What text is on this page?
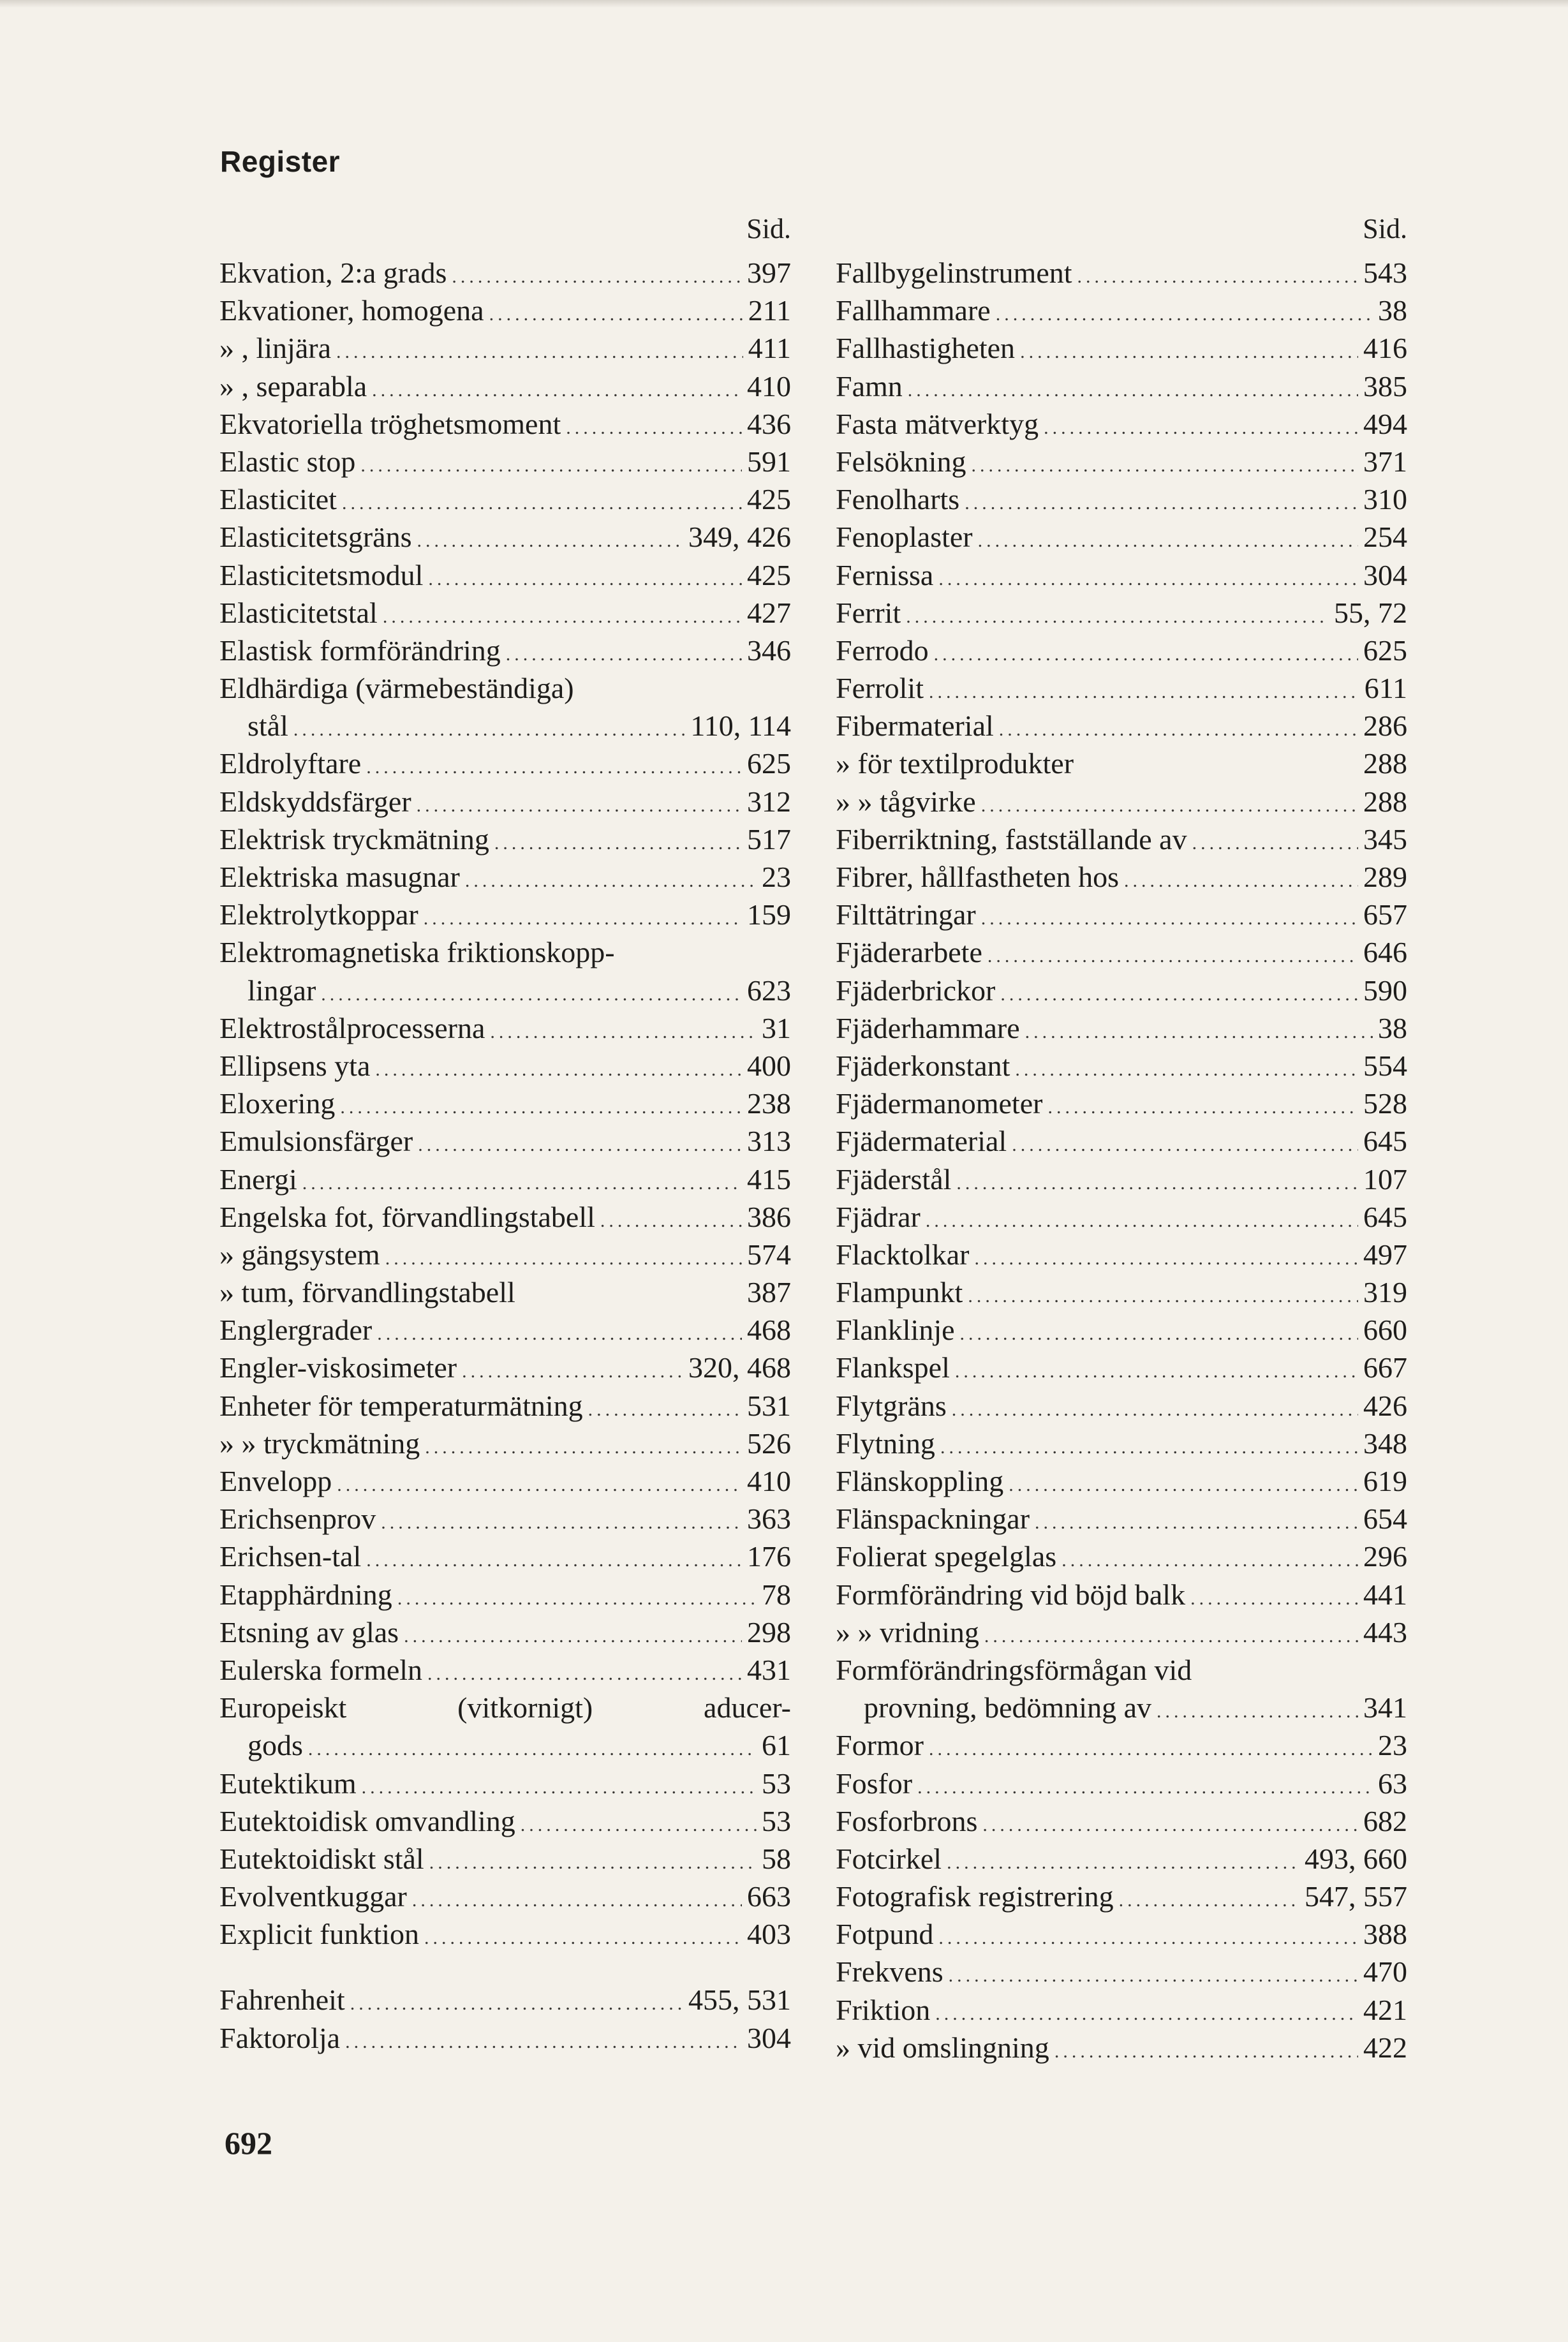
Register
Sid.
Ekvation, 2:a grads .....	397
Ekvationer, homogena .....	211
» , linjära .....	411
» , separabla .....	410
Ekvatoriella tröghetsmoment .....	436
Elastic stop .....	591
Elasticitet .....	425
Elasticitetsgräns .....	349, 426
Elasticitetsmodul .....	425
Elasticitetstal .....	427
Elastisk formförändring .....	346
Eldhärdiga (värmebeständiga)
stål .....	110, 114
Eldrolyftare .....	625
Eldskyddsfärger .....	312
Elektrisk tryckmätning .....	517
Elektriska masugnar .....	23
Elektrolytkoppar .....	159
Elektromagnetiska friktionskopp-
lingar .....	623
Elektrostålprocesserna .....	31
Ellipsens yta .....	400
Eloxering .....	238
Emulsionsfärger .....	313
Energi .....	415
Engelska fot, förvandlingstabell .....	386
» gängsystem .....	574
» tum, förvandlingstabell	387
Englergrader .....	468
Engler-viskosimeter .....	320, 468
Enheter för temperaturmätning .....	531
» » tryckmätning .....	526
Envelopp .....	410
Erichsenprov .....	363
Erichsen-tal .....	176
Etapphärdning .....	78
Etsning av glas .....	298
Eulerska formeln .....	431
Europeiskt	(vitkornigt)	aducer-
gods .....	61
Eutektikum .....	53
Eutektoidisk omvandling .....	53
Eutektoidiskt stål .....	58
Evolventkuggar .....	663
Explicit funktion .....	403
Fahrenheit .....	455, 531
Faktorolja .....	304
Sid.
Fallbygelinstrument .....	543
Fallhammare .....	38
Fallhastigheten .....	416
Famn .....	385
Fasta mätverktyg .....	494
Felsökning .....	371
Fenolharts .....	310
Fenoplaster .....	254
Fernissa .....	304
Ferrit .....	55, 72
Ferrodo .....	625
Ferrolit .....	611
Fibermaterial .....	286
» för textilprodukter	288
» » tågvirke .....	288
Fiberriktning, fastställande av .....	345
Fibrer, hållfastheten hos .....	289
Filttätringar .....	657
Fjäderarbete .....	646
Fjäderbrickor .....	590
Fjäderhammare .....	38
Fjäderkonstant .....	554
Fjädermanometer .....	528
Fjädermaterial .....	645
Fjäderstål .....	107
Fjädrar .....	645
Flacktolkar .....	497
Flampunkt .....	319
Flanklinje .....	660
Flankspel .....	667
Flytgräns .....	426
Flytning .....	348
Flänskoppling .....	619
Flänspackningar .....	654
Folierat spegelglas .....	296
Formförändring vid böjd balk .....	441
» » vridning .....	443
Formförändringsförmågan vid
provning, bedömning av .....	341
Formor .....	23
Fosfor .....	63
Fosforbrons .....	682
Fotcirkel .....	493, 660
Fotografisk registrering .....	547, 557
Fotpund .....	388
Frekvens .....	470
Friktion .....	421
» vid omslingning .....	422
692
